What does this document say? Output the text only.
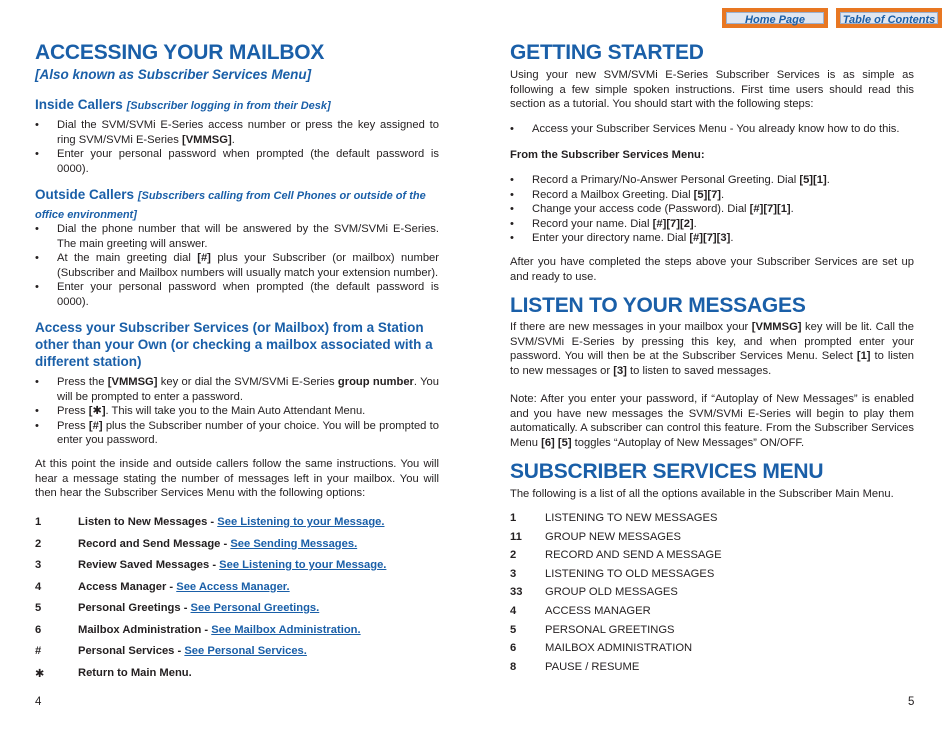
Home Page	Table of Contents
ACCESSING YOUR MAILBOX
[Also known as Subscriber Services Menu]
Inside Callers [Subscriber logging in from their Desk]
• Dial the SVM/SVMi E-Series access number or press the key assigned to ring SVM/SVMi E-Series [VMMSG].
• Enter your personal password when prompted (the default password is 0000).
Outside Callers [Subscribers calling from Cell Phones or outside of the office environment]
• Dial the phone number that will be answered by the SVM/SVMi E-Series. The main greeting will answer.
• At the main greeting dial [#] plus your Subscriber (or mailbox) number (Subscriber and Mailbox numbers will usually match your extension number).
• Enter your personal password when prompted (the default password is 0000).
Access your Subscriber Services (or Mailbox) from a Station other than your Own (or checking a mailbox associated with a different station)
• Press the [VMMSG] key or dial the SVM/SVMi E-Series group number. You will be prompted to enter a password.
• Press [✱]. This will take you to the Main Auto Attendant Menu.
• Press [#] plus the Subscriber number of your choice. You will be prompted to enter you password.
At this point the inside and outside callers follow the same instructions. You will hear a message stating the number of messages left in your mailbox. You will then hear the Subscriber Services Menu with the following options:
1	Listen to New Messages - See Listening to your Message.
2	Record and Send Message - See Sending Messages.
3	Review Saved Messages - See Listening to your Message.
4	Access Manager - See Access Manager.
5	Personal Greetings - See Personal Greetings.
6	Mailbox Administration - See Mailbox Administration.
#	Personal Services - See Personal Services.
✱	Return to Main Menu.
4
GETTING STARTED
Using your new SVM/SVMi E-Series Subscriber Services is as simple as following a few simple spoken instructions. First time users should read this section as a tutorial. You should start with the following steps:
• Access your Subscriber Services Menu - You already know how to do this.
From the Subscriber Services Menu:
• Record a Primary/No-Answer Personal Greeting. Dial [5][1].
• Record a Mailbox Greeting. Dial [5][7].
• Change your access code (Password). Dial [#][7][1].
• Record your name. Dial [#][7][2].
• Enter your directory name. Dial [#][7][3].
After you have completed the steps above your Subscriber Services are set up and ready to use.
LISTEN TO YOUR MESSAGES
If there are new messages in your mailbox your [VMMSG] key will be lit. Call the SVM/SVMi E-Series by pressing this key, and when prompted enter your password. You will then be at the Subscriber Services Menu. Select [1] to listen to new messages or [3] to listen to saved messages.
Note: After you enter your password, if “Autoplay of New Messages” is enabled and you have new messages the SVM/SVMi E-Series will begin to play them automatically. A subscriber can control this feature. From the Subscriber Services Menu [6] [5] toggles “Autoplay of New Messages” ON/OFF.
SUBSCRIBER SERVICES MENU
The following is a list of all the options available in the Subscriber Main Menu.
1	LISTENING TO NEW MESSAGES
11 GROUP NEW MESSAGES
2	RECORD AND SEND A MESSAGE
3	LISTENING TO OLD MESSAGES
33 GROUP OLD MESSAGES
4	ACCESS MANAGER
5	PERSONAL GREETINGS
6	MAILBOX ADMINISTRATION
8	PAUSE / RESUME
5
